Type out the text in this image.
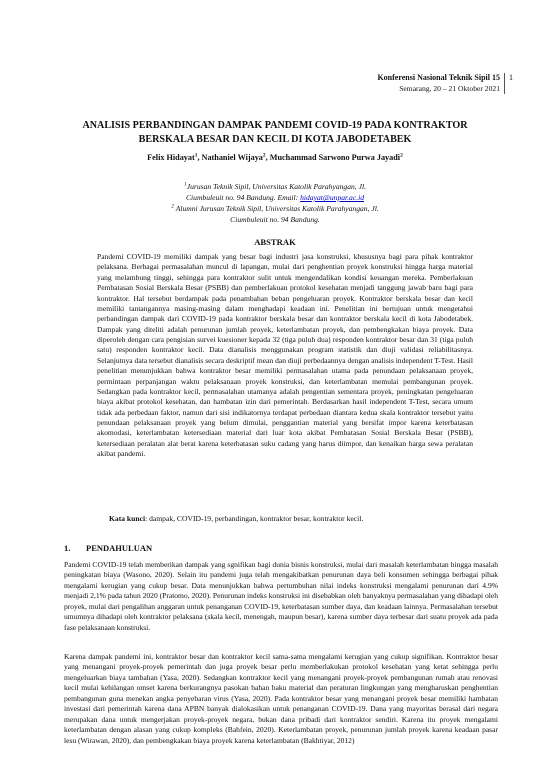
Konferensi Nasional Teknik Sipil 15
Semarang, 20 – 21 Oktober 2021
1
ANALISIS PERBANDINGAN DAMPAK PANDEMI COVID-19 PADA KONTRAKTOR
BERSKALA BESAR DAN KECIL DI KOTA JABODETABEK
Felix Hidayat$^1$, Nathaniel Wijaya$^2$, Muchammad Sarwono Purwa Jayadi$^2$
$^1$Jurusan Teknik Sipil, Universitas Katolik Parahyangan, Jl.
Ciumbuleuit no. 94 Bandung. Email: hidayat@unpar.ac.id
$^2$ Alumni Jurusan Teknik Sipil, Universitas Katolik Parahyangan, Jl.
Ciumbuleuit no. 94 Bandung.
ABSTRAK
Pandemi COVID-19 memiliki dampak yang besar bagi industri jasa konstruksi, khususnya bagi para pihak kontraktor pelaksana. Berbagai permasalahan muncul di lapangan, mulai dari penghentian proyek konstruksi hingga harga material yang melambung tinggi, sehingga para kontraktor sulit untuk mengendalikan kondisi keuangan mereka. Pemberlakuan Pembatasan Sosial Berskala Besar (PSBB) dan pemberlakuan protokol kesehatan menjadi tanggung jawab baru bagi para kontraktor. Hal tersebut berdampak pada penambahan beban pengeluaran proyek. Kontraktor berskala besar dan kecil memiliki tantangannya masing-masing dalam menghadapi keadaan ini. Penelitian ini bertujuan untuk mengetahui perbandingan dampak dari COVID-19 pada kontraktor berskala besar dan kontraktor berskala kecil di kota Jabodetabek. Dampak yang diteliti adalah penurunan jumlah proyek, keterlambatan proyek, dan pembengkakan biaya proyek. Data diperoleh dengan cara pengisian survei kuesioner kepada 32 (tiga puluh dua) responden kontraktor besar dan 31 (tiga puluh satu) responden kontraktor kecil. Data dianalisis menggunakan program statistik dan diuji validasi reliabilitasnya. Selanjutnya data tersebut dianalisis secara deskriptif mean dan diuji perbedaannya dengan analisis independent T-Test. Hasil penelitian menunjukkan bahwa kontraktor besar memiliki permasalahan utama pada penundaan pelaksanaan proyek, permintaan perpanjangan waktu pelaksanaan proyek konstruksi, dan keterlambatan memulai pembangunan proyek. Sedangkan pada kontraktor kecil, permasalahan utamanya adalah pengentian sementara proyek, peningkatan pengeluaran biaya akibat protokol kesehatan, dan hambatan izin dari pemerintah. Berdasarkan hasil independent T-Test, secara umum tidak ada perbedaan faktor, namun dari sisi indikatornya terdapat perbedaan diantara kedua skala kontraktor tersebut yaitu penundaan pelaksanaan proyek yang belum dimulai, penggantian material yang bersifat impor karena keterbatasan akomodasi, keterlambatan ketersediaan material dari luar kota akibat Pembatasan Sosial Berskala Besar (PSBB), ketersediaan peralatan alat berat karena keterbatasan suku cadang yang harus diimpor, dan kenaikan harga sewa peralatan akibat pandemi.
Kata kunci: dampak, COVID-19, perbandingan, kontraktor besar, kontraktor kecil.
1. PENDAHULUAN
Pandemi COVID-19 telah memberikan dampak yang sgnifikan bagi dunia bisnis konstruksi, mulai dari masalah keterlambatan hingga masalah peningkatan biaya (Wasono, 2020). Selain itu pandemi juga telah mengakibatkan penurunan daya beli konsumen sehingga berbagai pihak mengalami kerugian yang cukup besar. Data menunjukkan bahwa pertumbuhan nilai indeks konstruksi mengalami penurunan dari 4.9% menjadi 2,1% pada tahun 2020 (Pratomo, 2020). Penurunan indeks konstruksi ini disebabkan oleh banyaknya permasalahan yang dihadapi oleh proyek, mulai dari pengalihan anggaran untuk penanganan COVID-19, keterbatasan sumber daya, dan keadaan lainnya. Permasalahan tersebut umumnya dihadapi oleh kontraktor pelaksana (skala kecil, menengah, maupun besar), karena sumber daya terbesar dari suatu proyek ada pada fase pelaksanaan konstruksi.
Karena dampak pandemi ini, kontraktor besar dan kontraktor kecil sama-sama mengalami kerugian yang cukup signifikan. Kontraktor besar yang menangani proyek-proyek pemerintah dan juga proyek besar perlu memberlakukan protokol kesehatan yang ketat sehingga perlu mengeluarkan biaya tambahan (Yasa, 2020). Sedangkan kontraktor kecil yang menangani proyek-proyek pembangunan rumah atau renovasi kecil mulai kehilangan omset karena berkurangnya pasokan bahan baku material dan peraturan lingkungan yang mengharuskan penghentian pembangunan guna menekan angka penyebaran virus (Yasa, 2020). Pada kontraktor besar yang menangani proyek besar memiliki hambatan investasi dari pemerintah karena dana APBN banyak dialokasikan untuk penanganan COVID-19. Dana yang mayoritas berasal dari negara merupakan dana untuk mengerjakan proyek-proyek negara, bukan dana pribadi dari kontraktor sendiri. Karena itu proyek mengalami keterlambatan dengan alasan yang cukup kompleks (Bahfein, 2020). Keterlambatan proyek, penurunan jumlah proyek karena keadaan pasar lesu (Wirawan, 2020), dan pembengkakan biaya proyek karena keterlambatan (Bakhtiyar, 2012)
